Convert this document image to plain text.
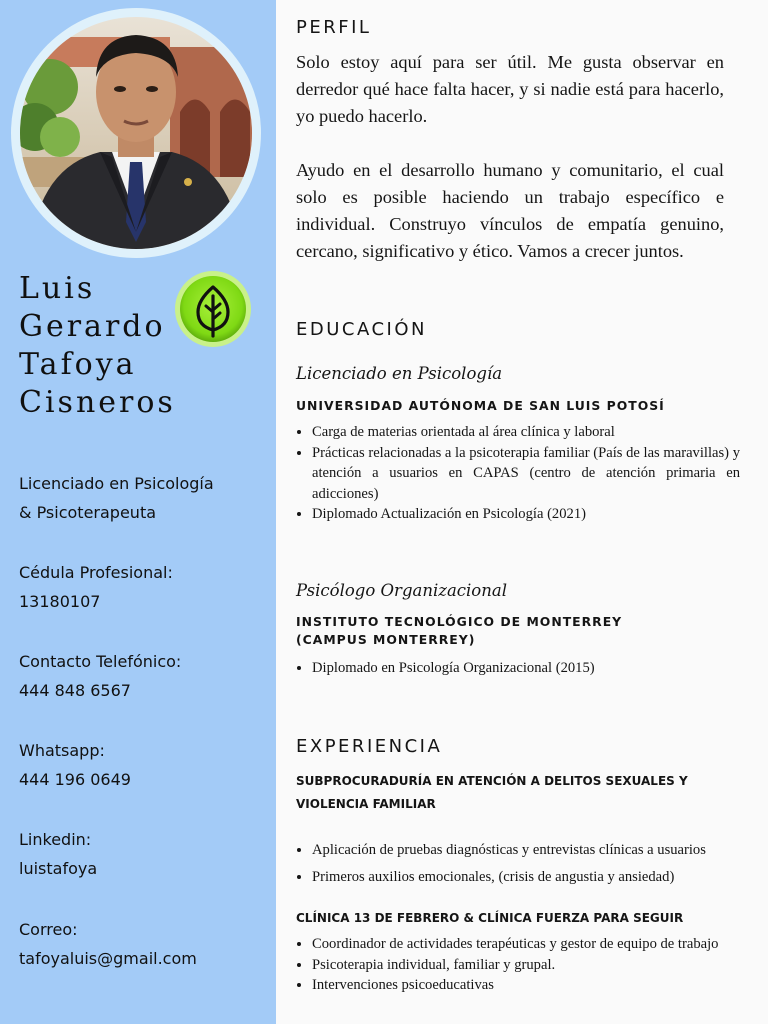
Luis
Gerardo
Tafoya
Cisneros
Licenciado en Psicología
& Psicoterapeuta
Cédula Profesional:
13180107
Contacto Telefónico:
444 848 6567
Whatsapp:
444 196 0649
Linkedin:
luistafoya
Correo:
tafoyaluis@gmail.com
PERFIL
Solo estoy aquí para ser útil. Me gusta observar en derredor qué hace falta hacer, y si nadie está para hacerlo, yo puedo hacerlo.
Ayudo en el desarrollo humano y comunitario, el cual solo es posible haciendo un trabajo específico e individual. Construyo vínculos de empatía genuino, cercano, significativo y ético. Vamos a crecer juntos.
EDUCACIÓN
Licenciado en Psicología
UNIVERSIDAD AUTÓNOMA DE SAN LUIS POTOSÍ
• Carga de materias orientada al área clínica y laboral
• Prácticas relacionadas a la psicoterapia familiar (País de las maravillas) y atención a usuarios en CAPAS (centro de atención primaria en adicciones)
• Diplomado Actualización en Psicología (2021)
Psicólogo Organizacional
INSTITUTO TECNOLÓGICO DE MONTERREY
(CAMPUS MONTERREY)
• Diplomado en Psicología Organizacional (2015)
EXPERIENCIA
SUBPROCURADURÍA EN ATENCIÓN A DELITOS SEXUALES Y
VIOLENCIA FAMILIAR
• Aplicación de pruebas diagnósticas y entrevistas clínicas a usuarios
• Primeros auxilios emocionales, (crisis de angustia y ansiedad)
CLÍNICA 13 DE FEBRERO & CLÍNICA FUERZA PARA SEGUIR
• Coordinador de actividades terapéuticas y gestor de equipo de trabajo
• Psicoterapia individual, familiar y grupal.
• Intervenciones psicoeducativas
